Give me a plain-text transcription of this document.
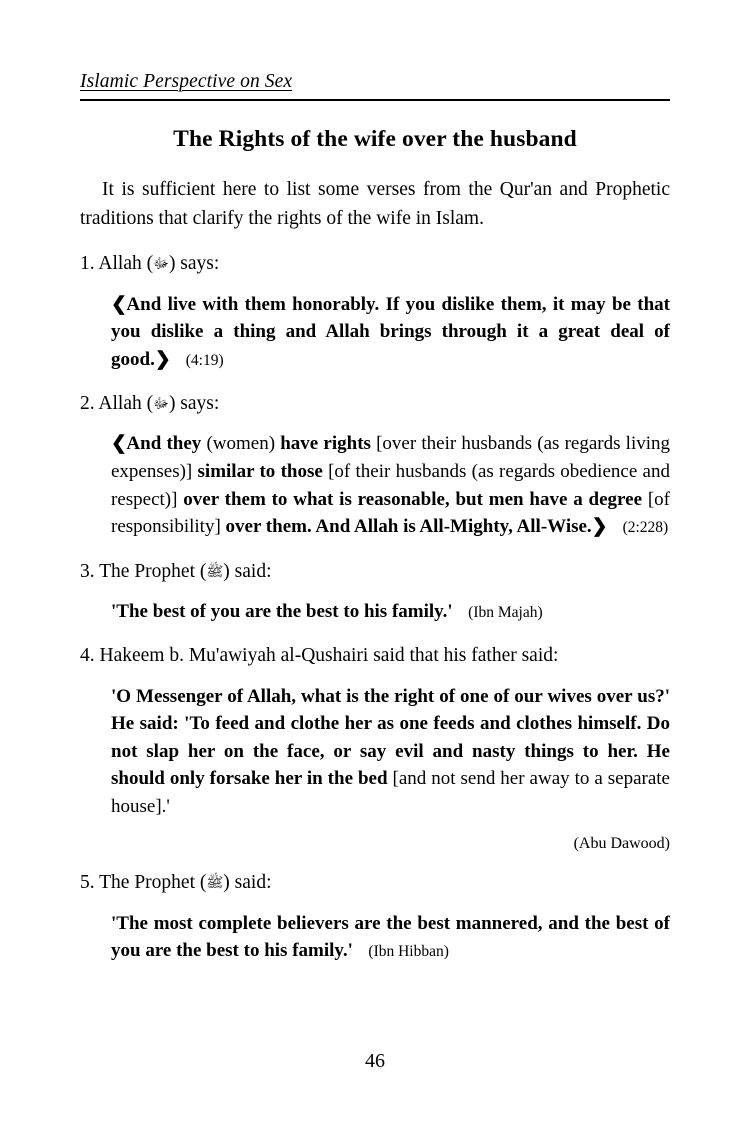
Islamic Perspective on Sex
The Rights of the wife over the husband

It is sufficient here to list some verses from the Qur'an and Prophetic traditions that clarify the rights of the wife in Islam.

1. Allah (ﷻ) says:

❮And live with them honorably. If you dislike them, it may be that you dislike a thing and Allah brings through it a great deal of good.❯  (4:19)

2. Allah (ﷻ) says:

❮And they (women) have rights [over their husbands (as regards living expenses)] similar to those [of their husbands (as regards obedience and respect)] over them to what is reasonable, but men have a degree [of responsibility] over them. And Allah is All-Mighty, All-Wise.❯  (2:228)

3. The Prophet (ﷺ) said:

'The best of you are the best to his family.'  (Ibn Majah)

4. Hakeem b. Mu'awiyah al-Qushairi said that his father said:

'O Messenger of Allah, what is the right of one of our wives over us?' He said: 'To feed and clothe her as one feeds and clothes himself. Do not slap her on the face, or say evil and nasty things to her. He should only forsake her in the bed [and not send her away to a separate house].'

(Abu Dawood)

5. The Prophet (ﷺ) said:

'The most complete believers are the best mannered, and the best of you are the best to his family.'  (Ibn Hibban)

46
